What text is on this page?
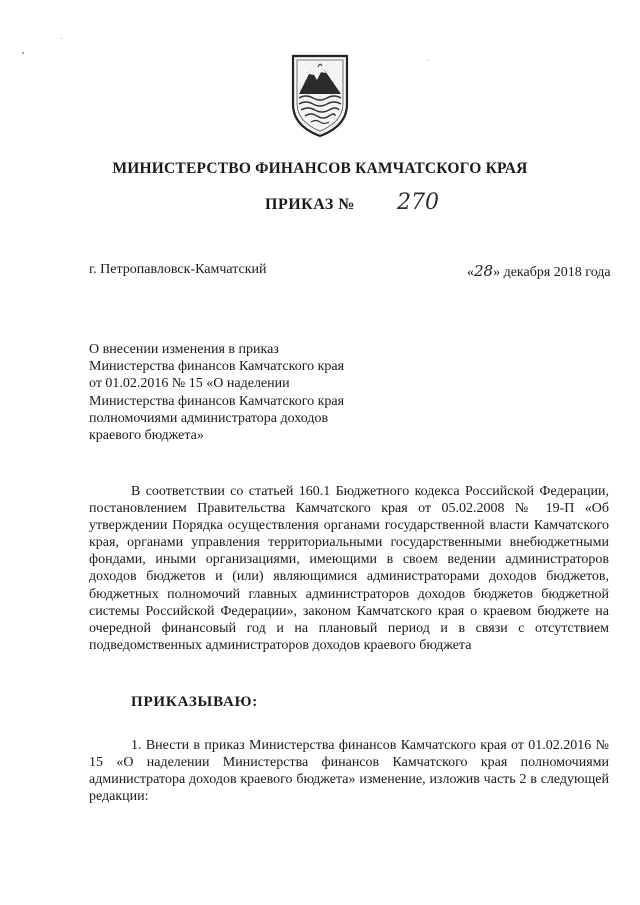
МИНИСТЕРСТВО ФИНАНСОВ КАМЧАТСКОГО КРАЯ
ПРИКАЗ № 270
г. Петропавловск-Камчатский	«28» декабря 2018 года
О внесении изменения в приказ Министерства финансов Камчатского края от 01.02.2016 № 15 «О наделении Министерства финансов Камчатского края полномочиями администратора доходов краевого бюджета»
В соответствии со статьей 160.1 Бюджетного кодекса Российской Федерации, постановлением Правительства Камчатского края от 05.02.2008 № 19-П «Об утверждении Порядка осуществления органами государственной власти Камчатского края, органами управления территориальными государственными внебюджетными фондами, иными организациями, имеющими в своем ведении администраторов доходов бюджетов и (или) являющимися администраторами доходов бюджетов, бюджетных полномочий главных администраторов доходов бюджетов бюджетной системы Российской Федерации», законом Камчатского края о краевом бюджете на очередной финансовый год и на плановый период и в связи с отсутствием подведомственных администраторов доходов краевого бюджета
ПРИКАЗЫВАЮ:
1. Внести в приказ Министерства финансов Камчатского края от 01.02.2016 № 15 «О наделении Министерства финансов Камчатского края полномочиями администратора доходов краевого бюджета» изменение, изложив часть 2 в следующей редакции:
